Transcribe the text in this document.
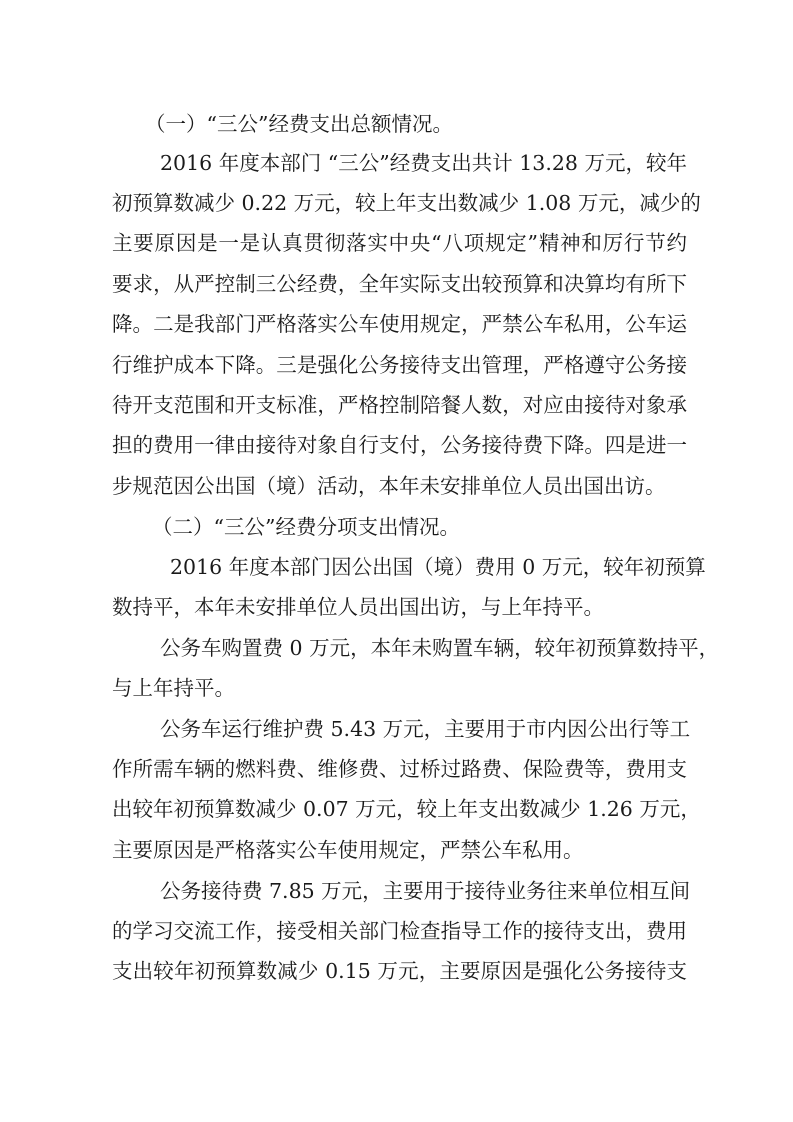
（一）“三公”经费支出总额情况。
2016 年度本部门 “三公”经费支出共计 13.28 万元，较年
初预算数减少 0.22 万元，较上年支出数减少 1.08 万元，减少的
主要原因是一是认真贯彻落实中央“八项规定”精神和厉行节约
要求，从严控制三公经费，全年实际支出较预算和决算均有所下
降。二是我部门严格落实公车使用规定，严禁公车私用，公车运
行维护成本下降。三是强化公务接待支出管理，严格遵守公务接
待开支范围和开支标准，严格控制陪餐人数，对应由接待对象承
担的费用一律由接待对象自行支付，公务接待费下降。四是进一
步规范因公出国（境）活动，本年未安排单位人员出国出访。
（二）“三公”经费分项支出情况。
2016 年度本部门因公出国（境）费用 0 万元，较年初预算
数持平，本年未安排单位人员出国出访，与上年持平。
公务车购置费 0 万元，本年未购置车辆，较年初预算数持平，
与上年持平。
公务车运行维护费 5.43 万元，主要用于市内因公出行等工
作所需车辆的燃料费、维修费、过桥过路费、保险费等，费用支
出较年初预算数减少 0.07 万元，较上年支出数减少 1.26 万元，
主要原因是严格落实公车使用规定，严禁公车私用。
公务接待费 7.85 万元，主要用于接待业务往来单位相互间
的学习交流工作，接受相关部门检查指导工作的接待支出，费用
支出较年初预算数减少 0.15 万元，主要原因是强化公务接待支
